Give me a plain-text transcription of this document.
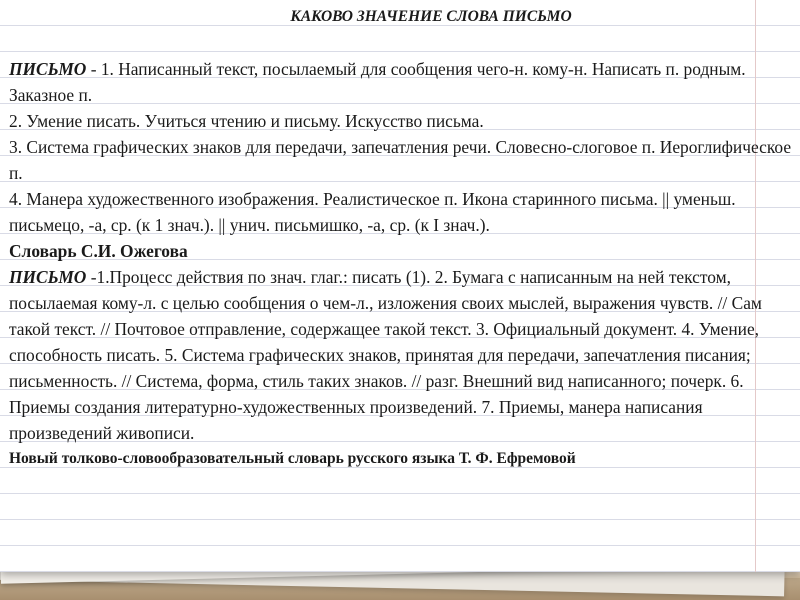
КАКОВО ЗНАЧЕНИЕ СЛОВА ПИСЬМО

ПИСЬМО - 1. Написанный текст, посылаемый для сообщения чего-н. кому-н. Написать п. родным. Заказное п.

2. Умение писать. Учиться чтению и письму. Искусство письма.

3. Система графических знаков для передачи, запечатления речи. Словесно-слоговое п. Иероглифическое п.

4. Манера художественного изображения. Реалистическое п. Икона старинного письма. || уменьш. письмецо, -а, ср. (к 1 знач.). || унич. письмишко, -а, ср. (к I знач.).

Словарь С.И. Ожегова

ПИСЬМО -1.Процесс действия по знач. глаг.: писать (1). 2. Бумага с написанным на ней текстом, посылаемая кому-л. с целью сообщения о чем-л., изложения своих мыслей, выражения чувств. // Сам такой текст. // Почтовое отправление, содержащее такой текст. 3. Официальный документ. 4. Умение, способность писать. 5. Система графических знаков, принятая для передачи, запечатления писания; письменность. // Система, форма, стиль таких знаков. // разг. Внешний вид написанного; почерк. 6. Приемы создания литературно-художественных произведений. 7. Приемы, манера написания произведений живописи.

Новый толково-словообразовательный словарь русского языка Т. Ф. Ефремовой
